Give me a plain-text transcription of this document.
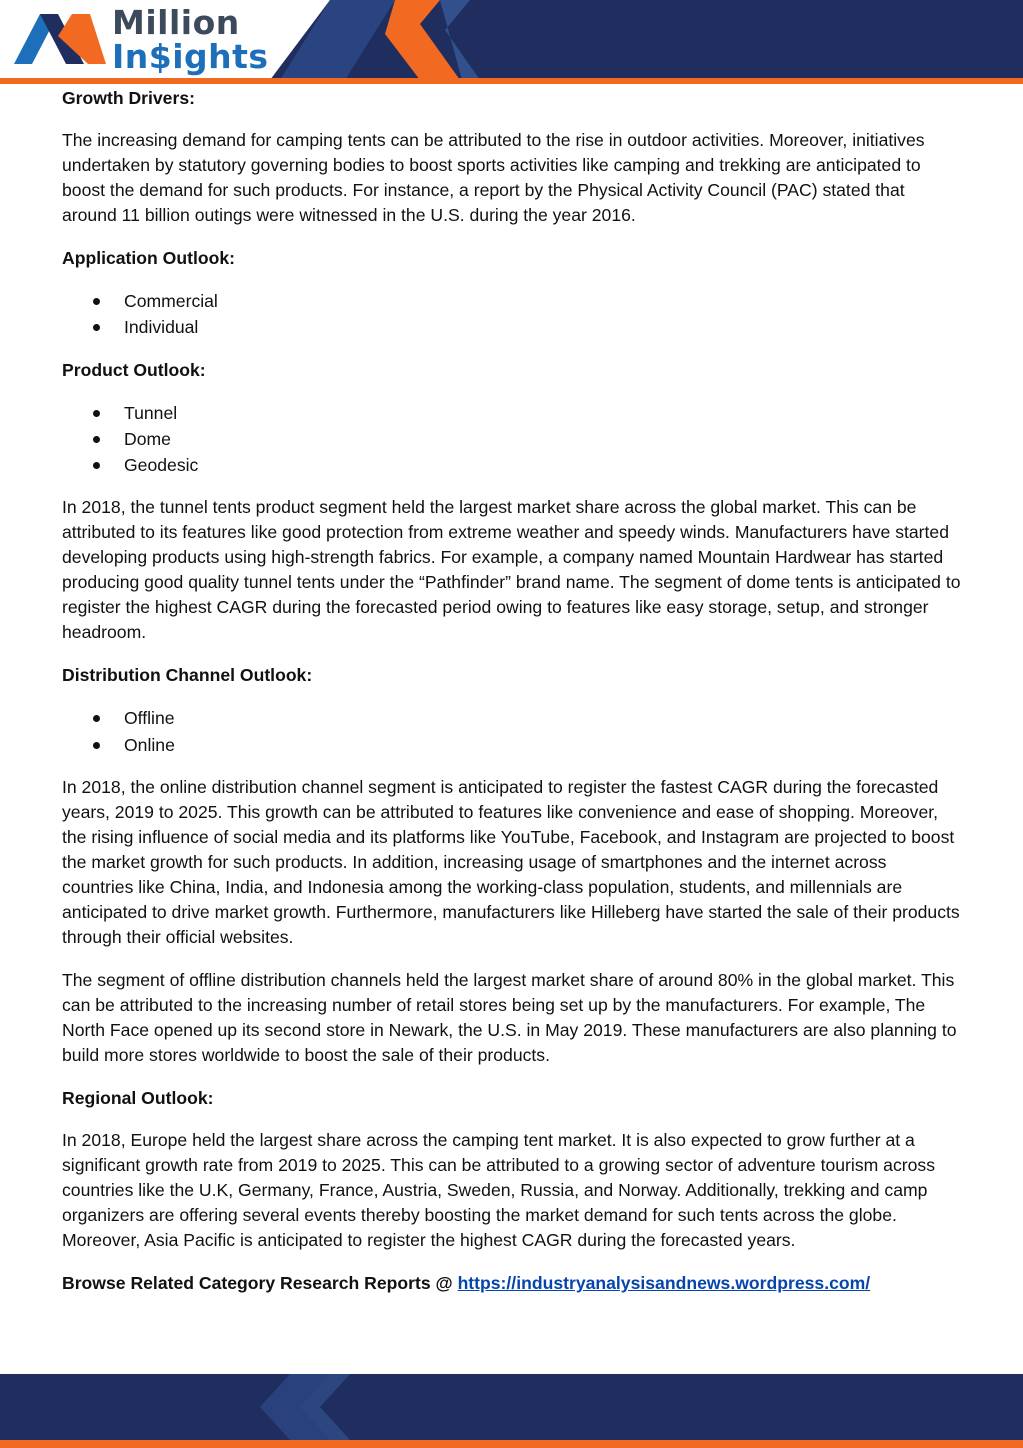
Million
In$ights
Growth Drivers:

The increasing demand for camping tents can be attributed to the rise in outdoor activities. Moreover, initiatives undertaken by statutory governing bodies to boost sports activities like camping and trekking are anticipated to boost the demand for such products. For instance, a report by the Physical Activity Council (PAC) stated that around 11 billion outings were witnessed in the U.S. during the year 2016.

Application Outlook:
Commercial
Individual
Product Outlook:
Tunnel
Dome
Geodesic

In 2018, the tunnel tents product segment held the largest market share across the global market. This can be attributed to its features like good protection from extreme weather and speedy winds. Manufacturers have started developing products using high-strength fabrics. For example, a company named Mountain Hardwear has started producing good quality tunnel tents under the “Pathfinder” brand name. The segment of dome tents is anticipated to register the highest CAGR during the forecasted period owing to features like easy storage, setup, and stronger headroom.

Distribution Channel Outlook:
Offline
Online

In 2018, the online distribution channel segment is anticipated to register the fastest CAGR during the forecasted years, 2019 to 2025. This growth can be attributed to features like convenience and ease of shopping. Moreover, the rising influence of social media and its platforms like YouTube, Facebook, and Instagram are projected to boost the market growth for such products. In addition, increasing usage of smartphones and the internet across countries like China, India, and Indonesia among the working-class population, students, and millennials are anticipated to drive market growth. Furthermore, manufacturers like Hilleberg have started the sale of their products through their official websites.

The segment of offline distribution channels held the largest market share of around 80% in the global market. This can be attributed to the increasing number of retail stores being set up by the manufacturers. For example, The North Face opened up its second store in Newark, the U.S. in May 2019. These manufacturers are also planning to build more stores worldwide to boost the sale of their products.

Regional Outlook:

In 2018, Europe held the largest share across the camping tent market. It is also expected to grow further at a significant growth rate from 2019 to 2025. This can be attributed to a growing sector of adventure tourism across countries like the U.K, Germany, France, Austria, Sweden, Russia, and Norway. Additionally, trekking and camp organizers are offering several events thereby boosting the market demand for such tents across the globe. Moreover, Asia Pacific is anticipated to register the highest CAGR during the forecasted years.

Browse Related Category Research Reports @ https://industryanalysisandnews.wordpress.com/
